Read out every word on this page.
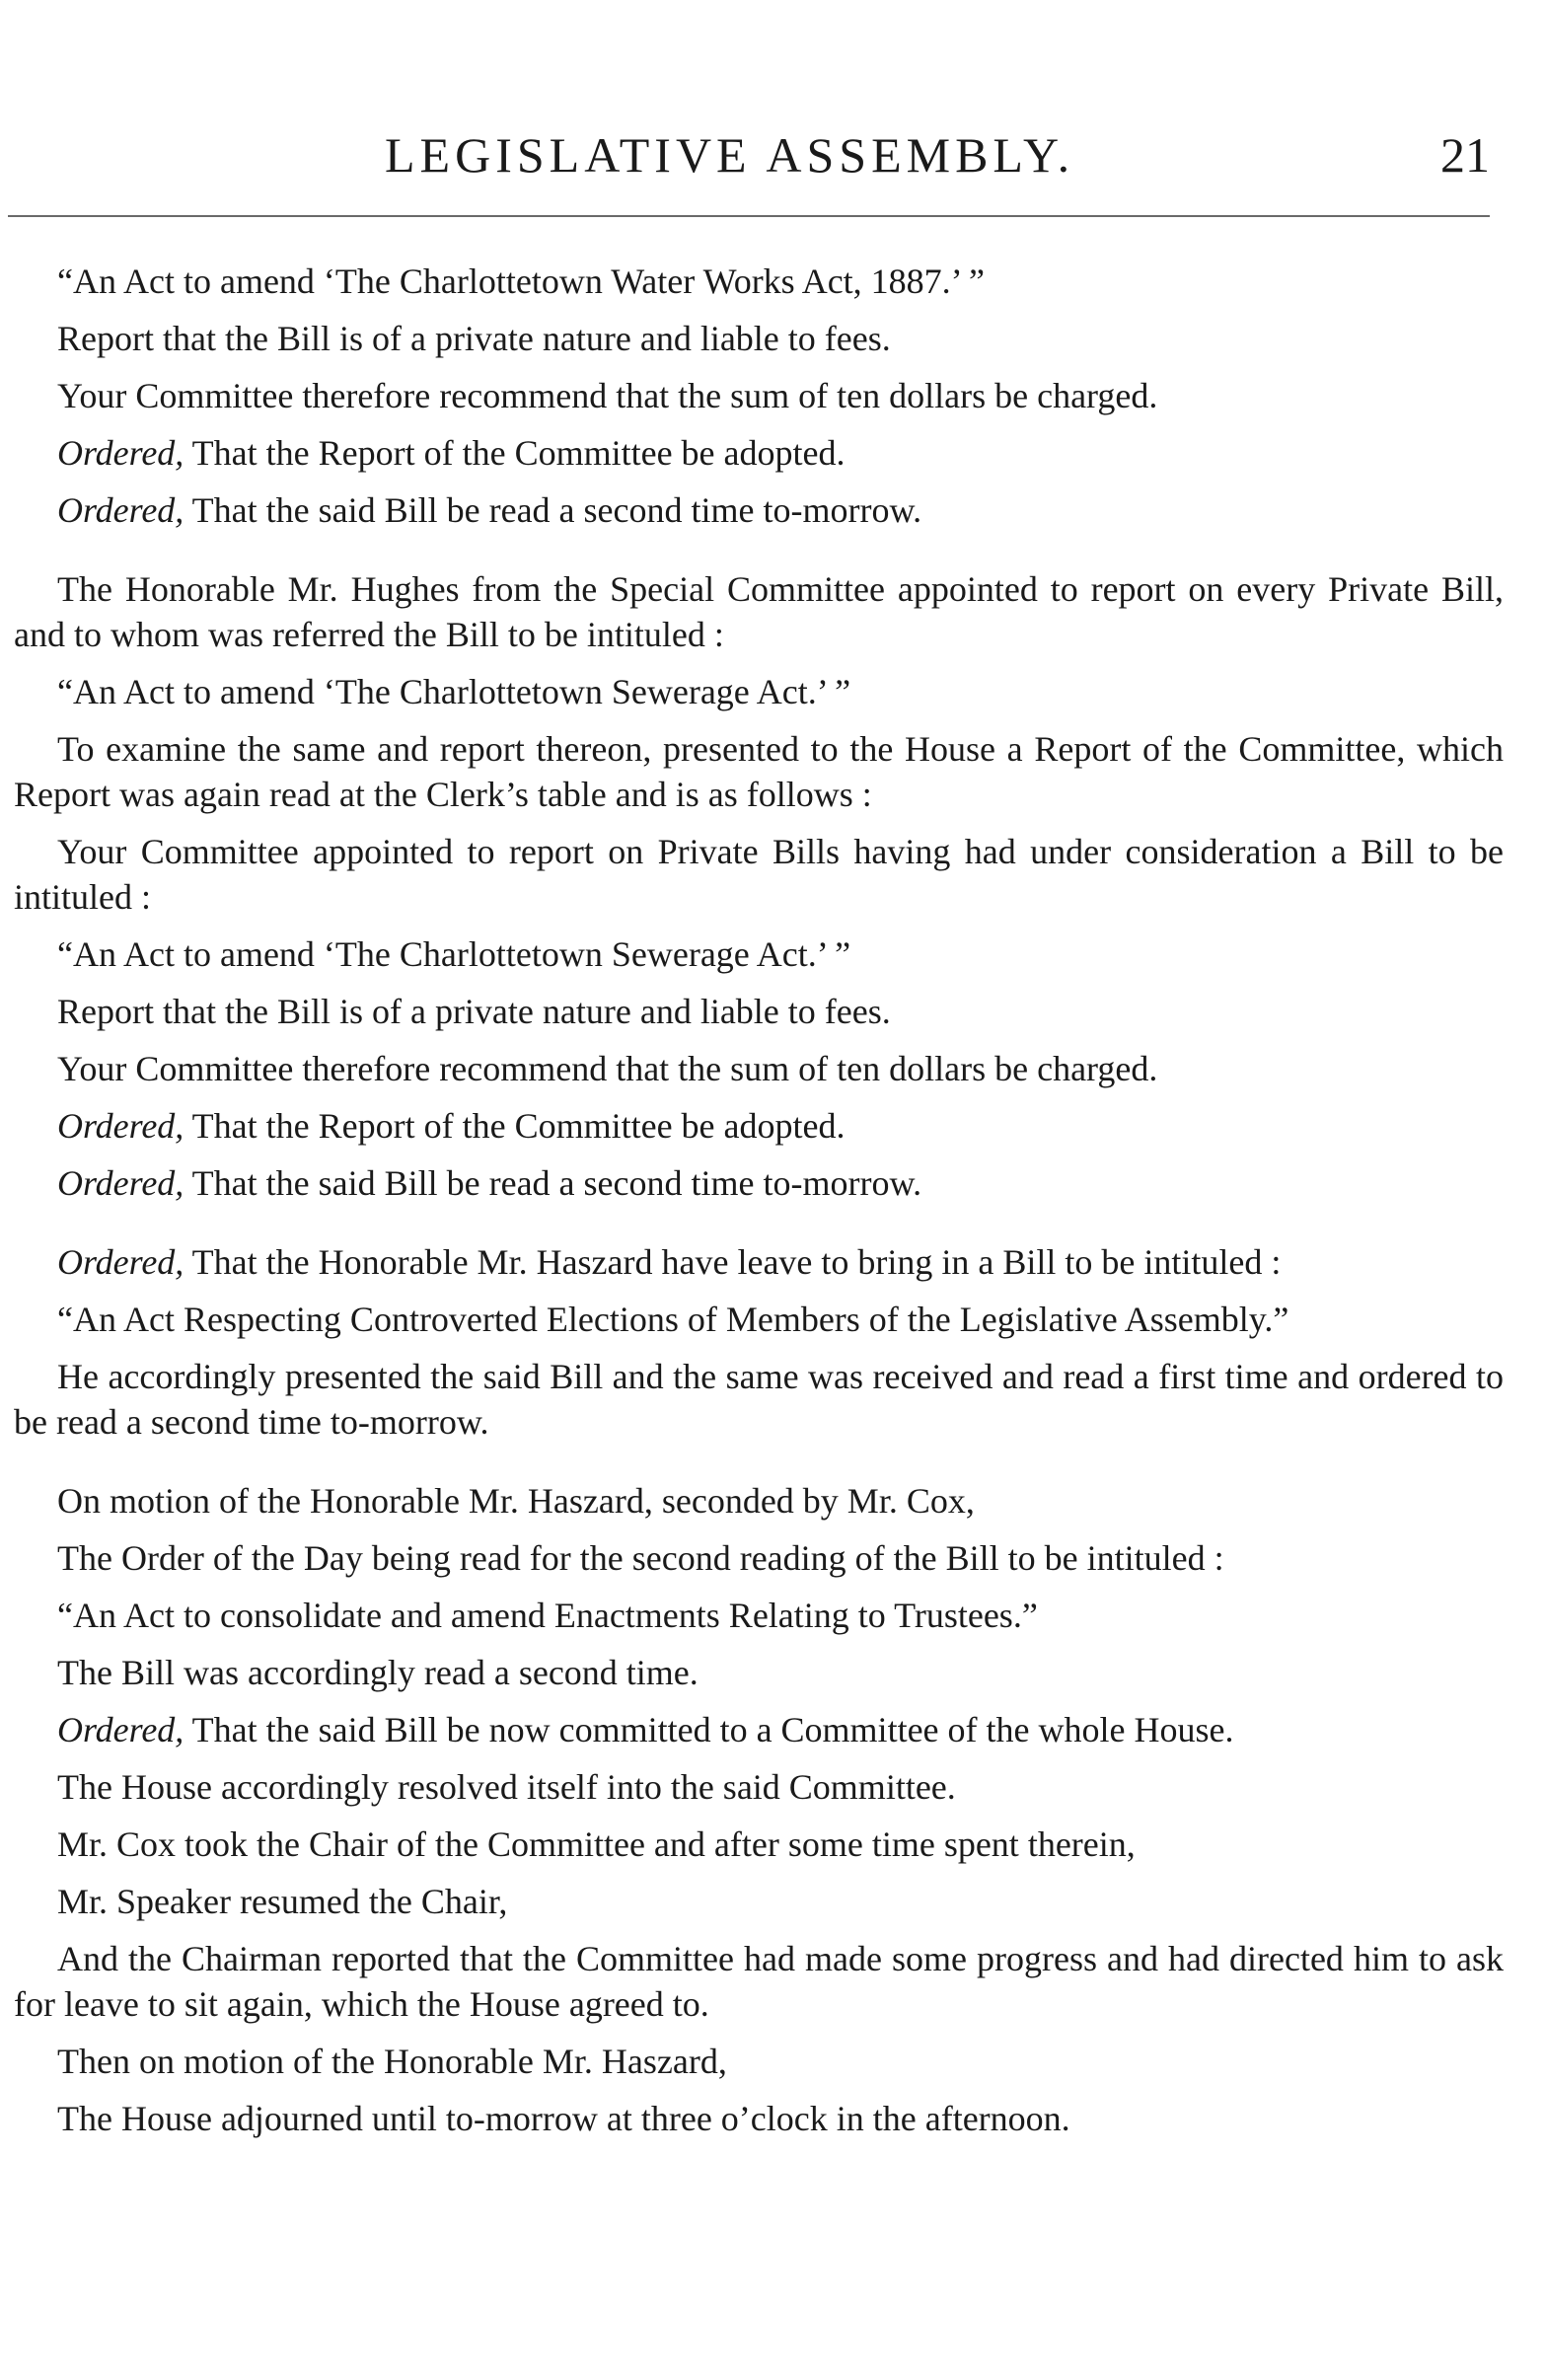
LEGISLATIVE ASSEMBLY.	21

“An Act to amend ‘The Charlottetown Water Works Act, 1887.’ ”

Report that the Bill is of a private nature and liable to fees.

Your Committee therefore recommend that the sum of ten dollars be charged.

Ordered, That the Report of the Committee be adopted.

Ordered, That the said Bill be read a second time to-morrow.

The Honorable Mr. Hughes from the Special Committee appointed to report on every Private Bill, and to whom was referred the Bill to be intituled :

“An Act to amend ‘The Charlottetown Sewerage Act.’ ”

To examine the same and report thereon, presented to the House a Report of the Committee, which Report was again read at the Clerk’s table and is as follows :

Your Committee appointed to report on Private Bills having had under consideration a Bill to be intituled :

“An Act to amend ‘The Charlottetown Sewerage Act.’ ”

Report that the Bill is of a private nature and liable to fees.

Your Committee therefore recommend that the sum of ten dollars be charged.

Ordered, That the Report of the Committee be adopted.

Ordered, That the said Bill be read a second time to-morrow.

Ordered, That the Honorable Mr. Haszard have leave to bring in a Bill to be intituled :

“An Act Respecting Controverted Elections of Members of the Legislative Assembly.”

He accordingly presented the said Bill and the same was received and read a first time and ordered to be read a second time to-morrow.

On motion of the Honorable Mr. Haszard, seconded by Mr. Cox,

The Order of the Day being read for the second reading of the Bill to be intituled :

“An Act to consolidate and amend Enactments Relating to Trustees.”

The Bill was accordingly read a second time.

Ordered, That the said Bill be now committed to a Committee of the whole House.

The House accordingly resolved itself into the said Committee.

Mr. Cox took the Chair of the Committee and after some time spent therein,

Mr. Speaker resumed the Chair,

And the Chairman reported that the Committee had made some progress and had directed him to ask for leave to sit again, which the House agreed to.

Then on motion of the Honorable Mr. Haszard,

The House adjourned until to-morrow at three o’clock in the afternoon.
